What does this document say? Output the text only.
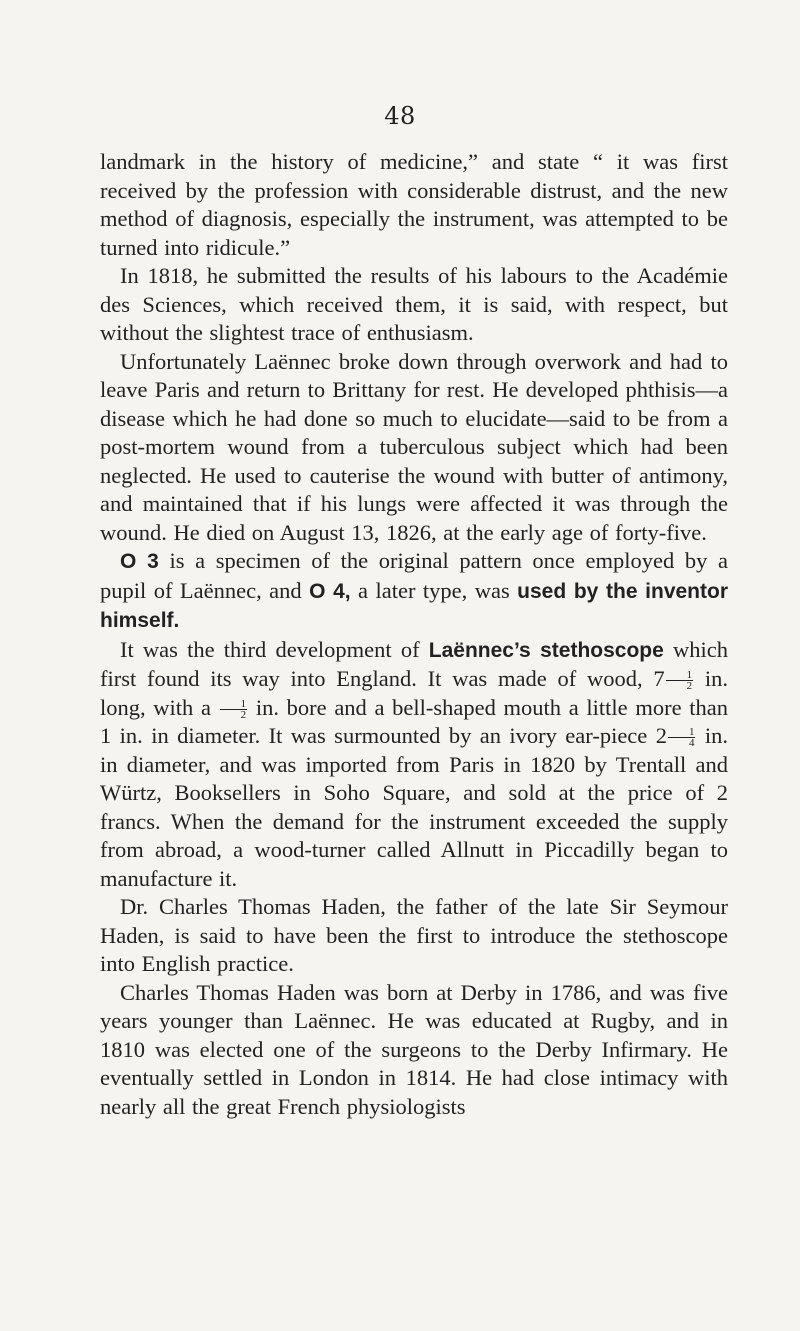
48

landmark in the history of medicine,” and state “ it was first received by the profession with considerable distrust, and the new method of diagnosis, especially the instrument, was attempted to be turned into ridicule.”

In 1818, he submitted the results of his labours to the Académie des Sciences, which received them, it is said, with respect, but without the slightest trace of enthusiasm.

Unfortunately Laënnec broke down through overwork and had to leave Paris and return to Brittany for rest. He developed phthisis—a disease which he had done so much to elucidate—said to be from a post-mortem wound from a tuberculous subject which had been neglected. He used to cauterise the wound with butter of antimony, and maintained that if his lungs were affected it was through the wound. He died on August 13, 1826, at the early age of forty-five.

O 3 is a specimen of the original pattern once employed by a pupil of Laënnec, and O 4, a later type, was used by the inventor himself.

It was the third development of Laënnec’s stethoscope which first found its way into England. It was made of wood, $7 \frac{1}{2}$ in. long, with a $\frac{1}{2}$ in. bore and a bell-shaped mouth a little more than 1 in. in diameter. It was surmounted by an ivory ear-piece $2 \frac{1}{4}$ in. in diameter, and was imported from Paris in 1820 by Trentall and Würtz, Booksellers in Soho Square, and sold at the price of 2 francs. When the demand for the instrument exceeded the supply from abroad, a wood-turner called Allnutt in Piccadilly began to manufacture it.

Dr. Charles Thomas Haden, the father of the late Sir Seymour Haden, is said to have been the first to introduce the stethoscope into English practice.

Charles Thomas Haden was born at Derby in 1786, and was five years younger than Laënnec. He was educated at Rugby, and in 1810 was elected one of the surgeons to the Derby Infirmary. He eventually settled in London in 1814. He had close intimacy with nearly all the great French physiologists
